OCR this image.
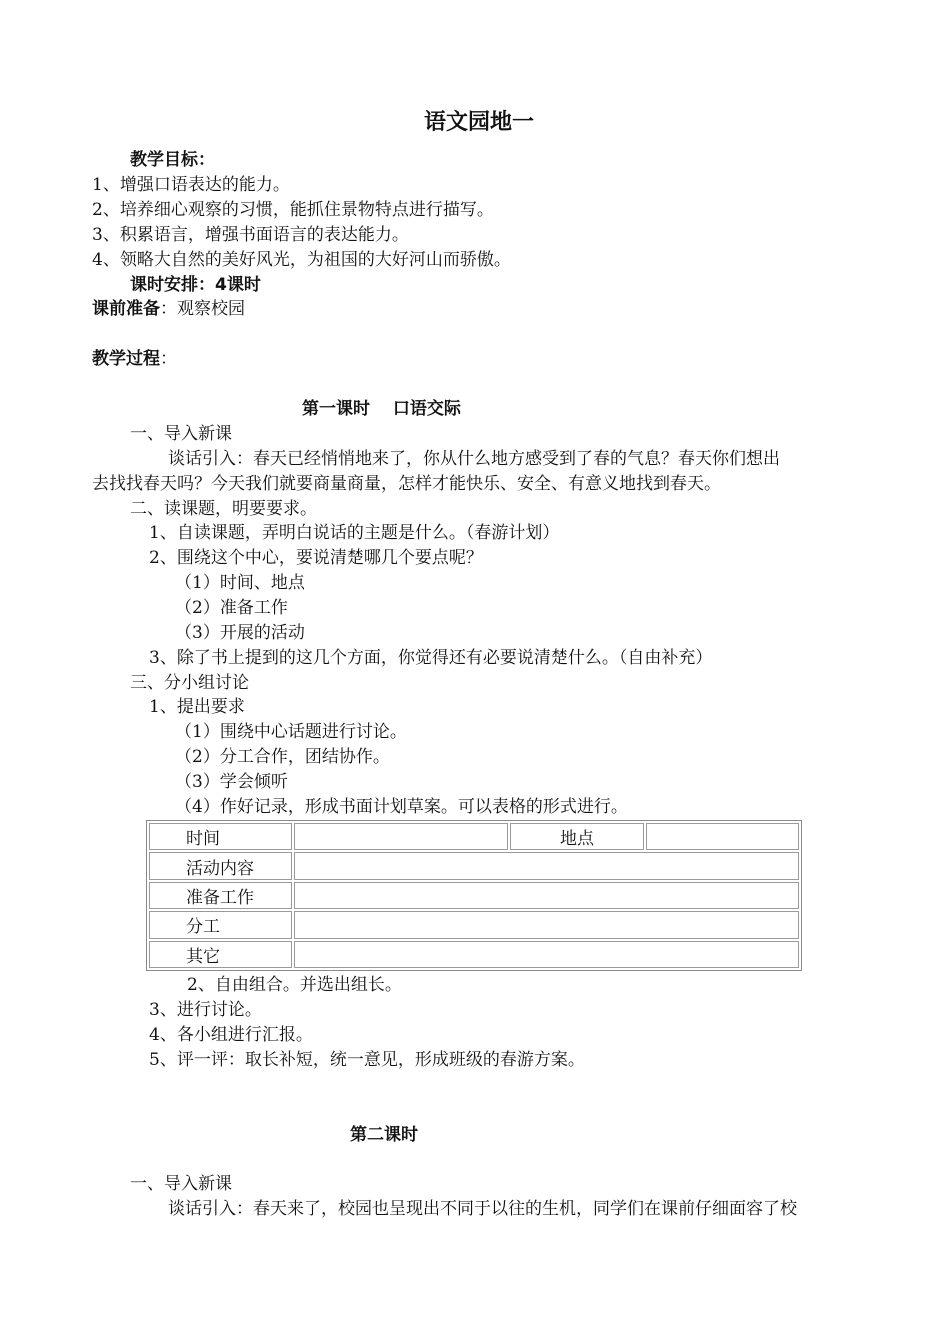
语文园地一
教学目标：
1、增强口语表达的能力。
2、培养细心观察的习惯，能抓住景物特点进行描写。
3、积累语言，增强书面语言的表达能力。
4、领略大自然的美好风光，为祖国的大好河山而骄傲。
课时安排：4课时
课前准备：观察校园
教学过程：
第一课时　 口语交际
一、导入新课
谈话引入：春天已经悄悄地来了，你从什么地方感受到了春的气息？春天你们想出
去找找春天吗？今天我们就要商量商量，怎样才能快乐、安全、有意义地找到春天。
二、读课题，明要要求。
1、自读课题，弄明白说话的主题是什么。（春游计划）
2、围绕这个中心，要说清楚哪几个要点呢？
（1）时间、地点
（2）准备工作
（3）开展的活动
3、除了书上提到的这几个方面，你觉得还有必要说清楚什么。（自由补充）
三、分小组讨论
1、提出要求
（1）围绕中心话题进行讨论。
（2）分工合作，团结协作。
（3）学会倾听
（4）作好记录，形成书面计划草案。可以表格的形式进行。
时间		地点	
活动内容			
准备工作			
分工			
其它			
2、自由组合。并选出组长。
3、进行讨论。
4、各小组进行汇报。
5、评一评：取长补短，统一意见，形成班级的春游方案。
第二课时
一、导入新课
谈话引入：春天来了，校园也呈现出不同于以往的生机，同学们在课前仔细面容了校
